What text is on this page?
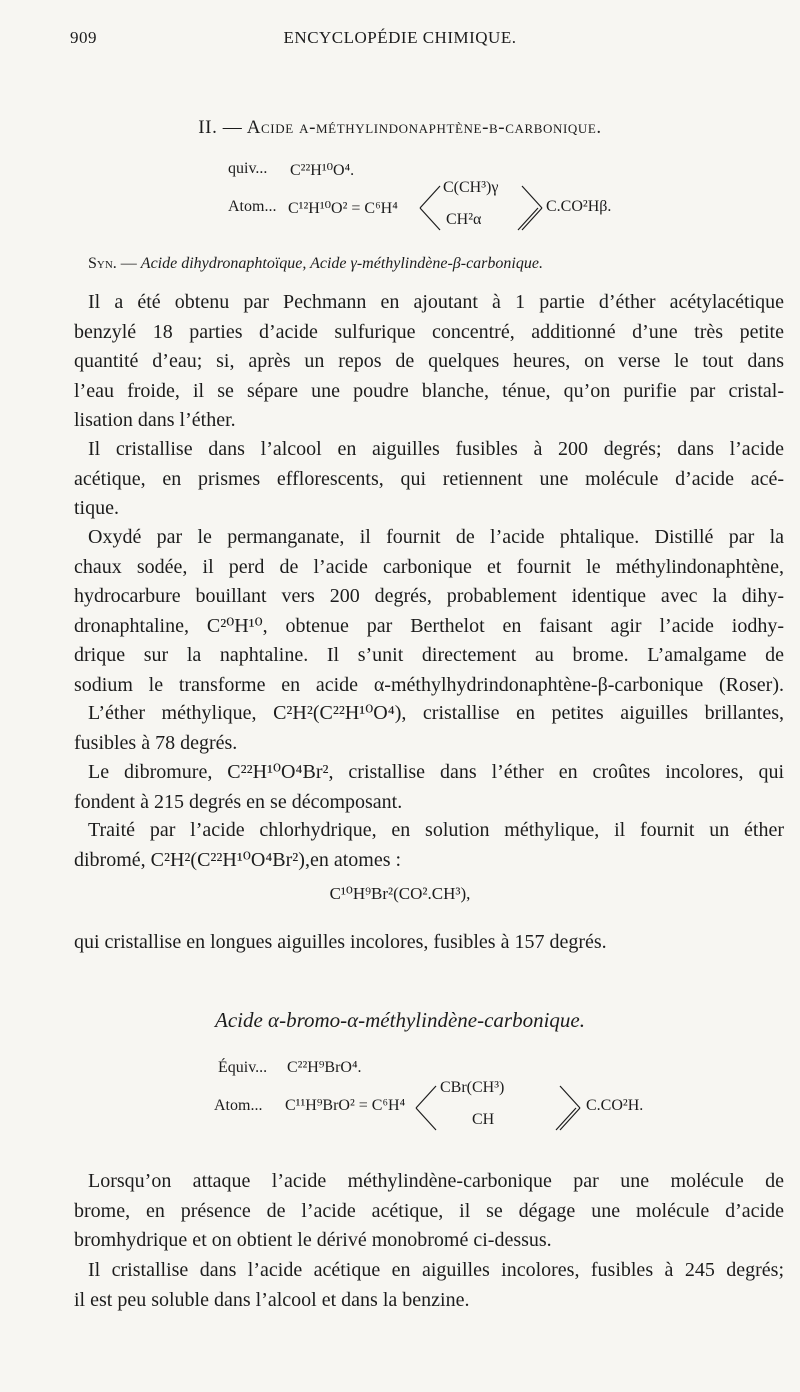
909	ENCYCLOPÉDIE CHIMIQUE.
II. — Acide α-méthylindonaphtène-β-carbonique.
quiv... C²²H¹⁰O⁴.
Atom... C¹²H¹⁰O² = C⁶H⁴
C(CH³)γ
CH²α
C.CO²Hβ.
Syn. — Acide dihydronaphtoïque, Acide γ-méthylindène-β-carbonique.
Il a été obtenu par Pechmann en ajoutant à 1 partie d’éther acétylacétique
benzylé 18 parties d’acide sulfurique concentré, additionné d’une très petite
quantité d’eau; si, après un repos de quelques heures, on verse le tout dans
l’eau froide, il se sépare une poudre blanche, ténue, qu’on purifie par cristal-
lisation dans l’éther.
Il cristallise dans l’alcool en aiguilles fusibles à 200 degrés; dans l’acide
acétique, en prismes efflorescents, qui retiennent une molécule d’acide acé-
tique.
Oxydé par le permanganate, il fournit de l’acide phtalique. Distillé par la
chaux sodée, il perd de l’acide carbonique et fournit le méthylindonaphtène,
hydrocarbure bouillant vers 200 degrés, probablement identique avec la dihy-
dronaphtaline, C²⁰H¹⁰, obtenue par Berthelot en faisant agir l’acide iodhy-
drique sur la naphtaline. Il s’unit directement au brome. L’amalgame de
sodium le transforme en acide α-méthylhydrindonaphtène-β-carbonique (Roser).
L’éther méthylique, C²H²(C²²H¹⁰O⁴), cristallise en petites aiguilles brillantes,
fusibles à 78 degrés.
Le dibromure, C²²H¹⁰O⁴Br², cristallise dans l’éther en croûtes incolores, qui
fondent à 215 degrés en se décomposant.
Traité par l’acide chlorhydrique, en solution méthylique, il fournit un éther
dibromé, C²H²(C²²H¹⁰O⁴Br²),en atomes :
C¹⁰H⁹Br²(CO².CH³),
qui cristallise en longues aiguilles incolores, fusibles à 157 degrés.
Acide α-bromo-α-méthylindène-carbonique.
Équiv... C²²H⁹BrO⁴.
Atom... C¹¹H⁹BrO² = C⁶H⁴
CBr(CH³)
CH
C.CO²H.
Lorsqu’on attaque l’acide méthylindène-carbonique par une molécule de
brome, en présence de l’acide acétique, il se dégage une molécule d’acide
bromhydrique et on obtient le dérivé monobromé ci-dessus.
Il cristallise dans l’acide acétique en aiguilles incolores, fusibles à 245 degrés;
il est peu soluble dans l’alcool et dans la benzine.
